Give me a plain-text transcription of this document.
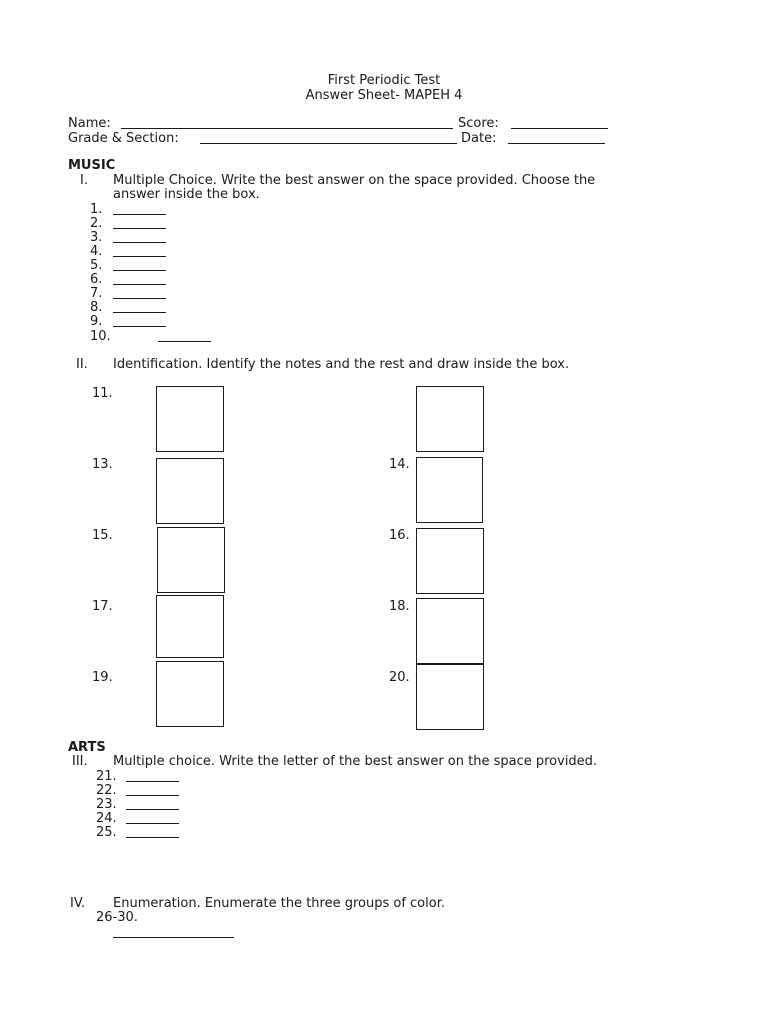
First Periodic Test
Answer Sheet- MAPEH 4
Name:	Score:
Grade & Section:	Date:
MUSIC
I. Multiple Choice. Write the best answer on the space provided. Choose the
answer inside the box.
1.
2.
3.
4.
5.
6.
7.
8.
9.
10.
II. Identification. Identify the notes and the rest and draw inside the box.
11.
13.	14.
15.	16.
17.	18.
19.	20.
ARTS
III. Multiple choice. Write the letter of the best answer on the space provided.
21.
22.
23.
24.
25.
IV. Enumeration. Enumerate the three groups of color.
26-30.
